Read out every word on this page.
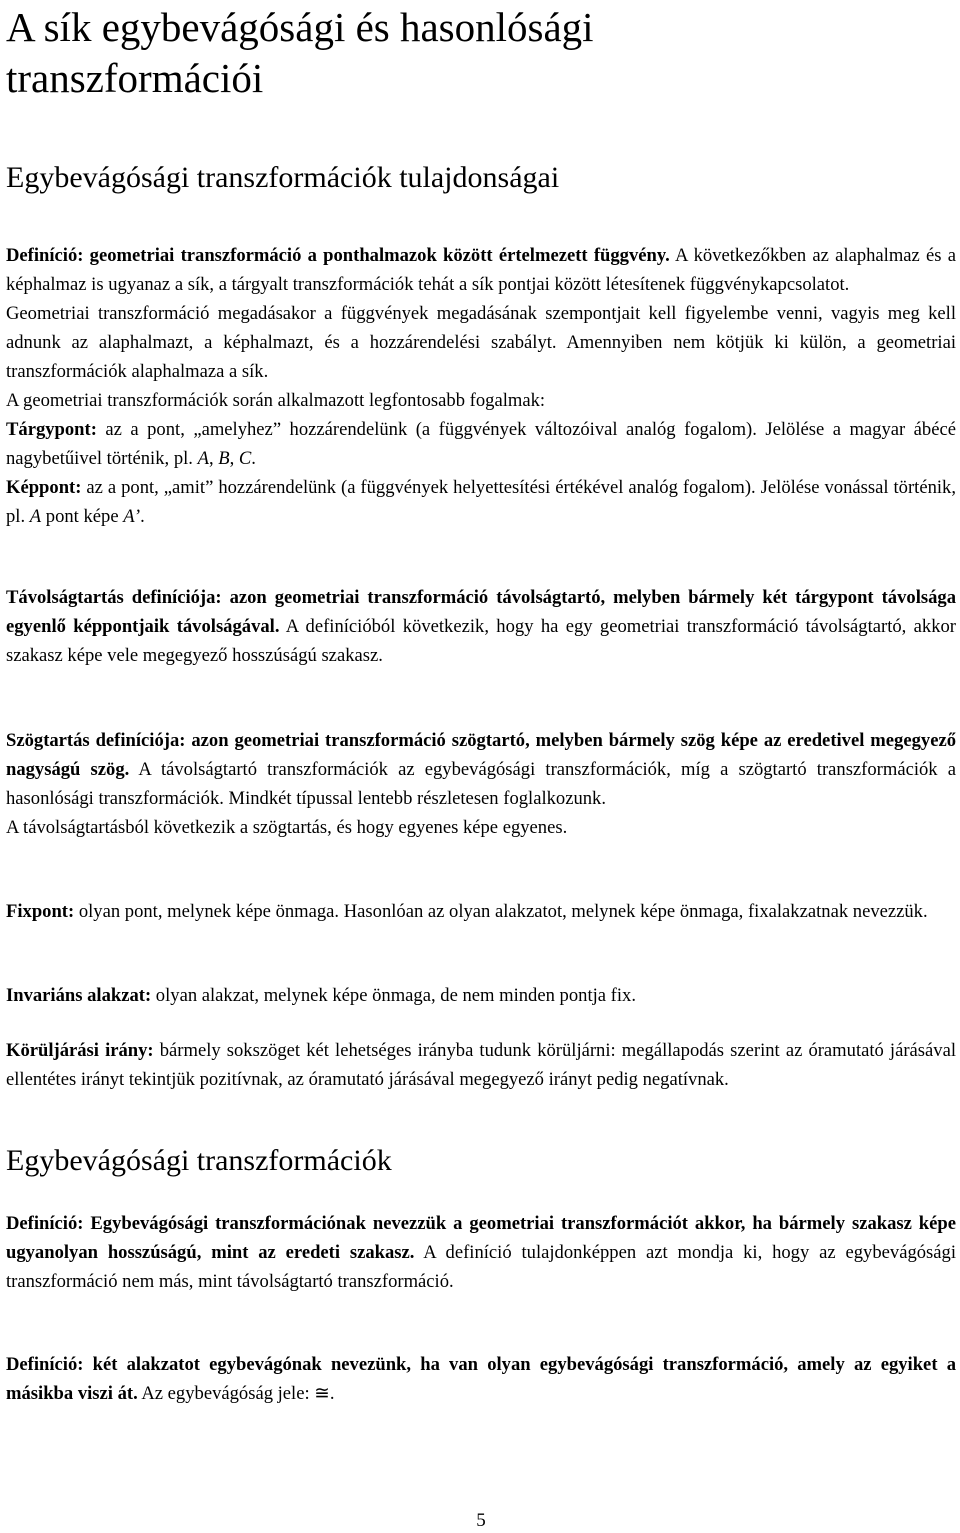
A sík egybevágósági és hasonlósági
transzformációi
Egybevágósági transzformációk tulajdonságai

Definíció: geometriai transzformáció a ponthalmazok között értelmezett függvény. A következőkben az alaphalmaz és a képhalmaz is ugyanaz a sík, a tárgyalt transzformációk tehát a sík pontjai között létesítenek függvénykapcsolatot.

Geometriai transzformáció megadásakor a függvények megadásának szempontjait kell figyelembe venni, vagyis meg kell adnunk az alaphalmazt, a képhalmazt, és a hozzárendelési szabályt. Amennyiben nem kötjük ki külön, a geometriai transzformációk alaphalmaza a sík.

A geometriai transzformációk során alkalmazott legfontosabb fogalmak:

Tárgypont: az a pont, „amelyhez” hozzárendelünk (a függvények változóival analóg fogalom). Jelölése a magyar ábécé nagybetűivel történik, pl. A, B, C.

Képpont: az a pont, „amit” hozzárendelünk (a függvények helyettesítési értékével analóg fogalom). Jelölése vonással történik, pl. A pont képe A’.

Távolságtartás definíciója: azon geometriai transzformáció távolságtartó, melyben bármely két tárgypont távolsága egyenlő képpontjaik távolságával. A definícióból következik, hogy ha egy geometriai transzformáció távolságtartó, akkor szakasz képe vele megegyező hosszúságú szakasz.

Szögtartás definíciója: azon geometriai transzformáció szögtartó, melyben bármely szög képe az eredetivel megegyező nagyságú szög. A távolságtartó transzformációk az egybevágósági transzformációk, míg a szögtartó transzformációk a hasonlósági transzformációk. Mindkét típussal lentebb részletesen foglalkozunk.

A távolságtartásból következik a szögtartás, és hogy egyenes képe egyenes.

Fixpont: olyan pont, melynek képe önmaga. Hasonlóan az olyan alakzatot, melynek képe önmaga, fixalakzatnak nevezzük.

Invariáns alakzat: olyan alakzat, melynek képe önmaga, de nem minden pontja fix.

Körüljárási irány: bármely sokszöget két lehetséges irányba tudunk körüljárni: megállapodás szerint az óramutató járásával ellentétes irányt tekintjük pozitívnak, az óramutató járásával megegyező irányt pedig negatívnak.

Egybevágósági transzformációk

Definíció: Egybevágósági transzformációnak nevezzük a geometriai transzformációt akkor, ha bármely szakasz képe ugyanolyan hosszúságú, mint az eredeti szakasz. A definíció tulajdonképpen azt mondja ki, hogy az egybevágósági transzformáció nem más, mint távolságtartó transzformáció.

Definíció: két alakzatot egybevágónak nevezünk, ha van olyan egybevágósági transzformáció, amely az egyiket a másikba viszi át. Az egybevágóság jele: ≅.

5
